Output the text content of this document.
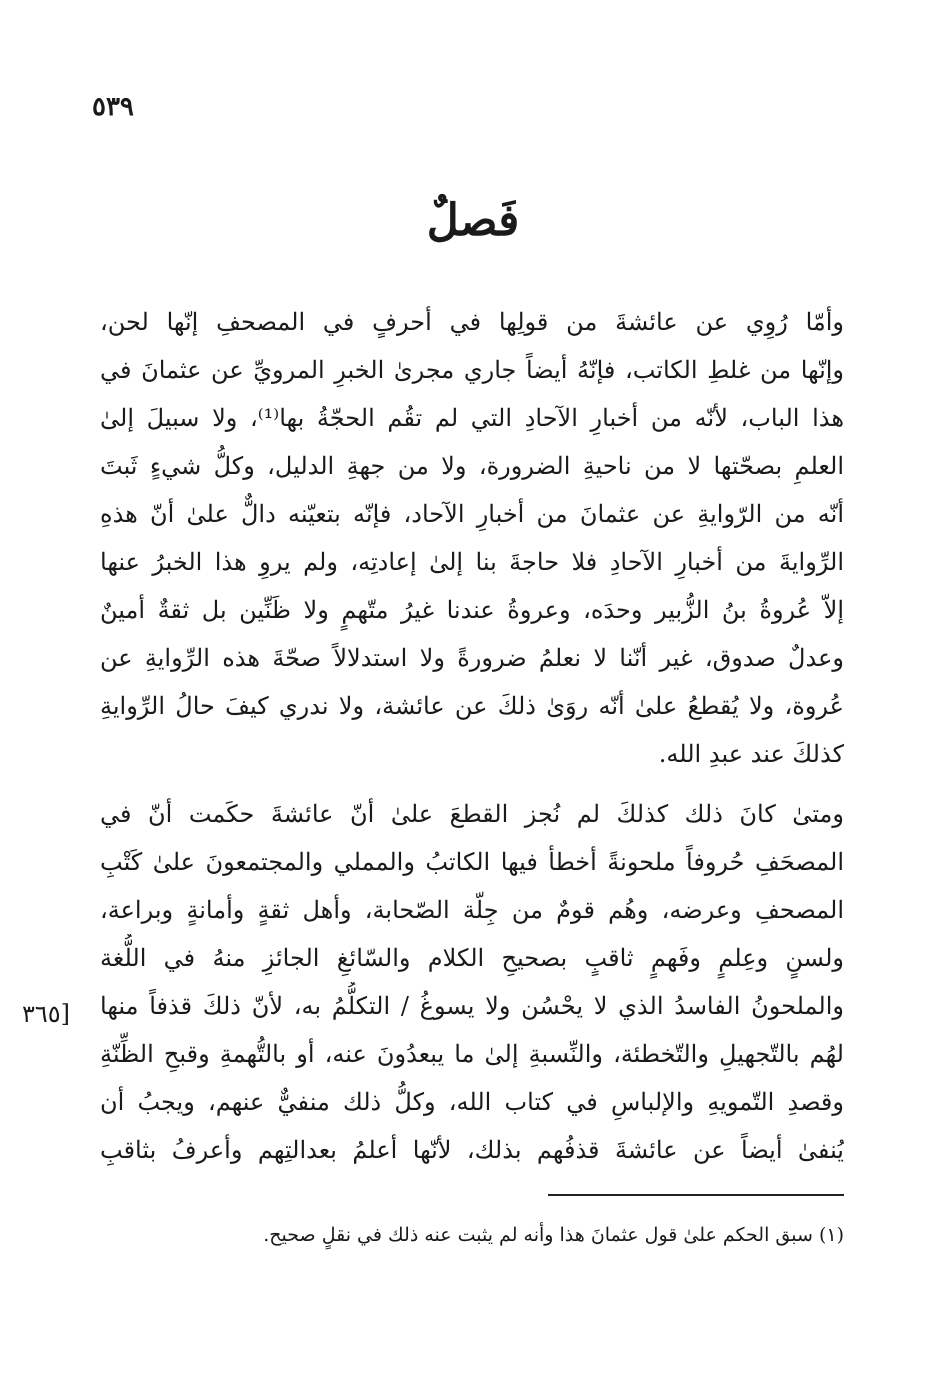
٥٣٩
فَصلٌ
وأمّا رُوِي عن عائشةَ من قولِها في أحرفٍ في المصحفِ إنّها لحن،
وإنّها من غلطِ الكاتب، فإنّهُ أيضاً جاري مجرىٰ الخبرِ المرويِّ عن عثمانَ في
هذا الباب، لأنّه من أخبارِ الآحادِ التي لم تقُم الحجّةُ بها⁽¹⁾، ولا سبيلَ إلىٰ
العلمِ بصحّتها لا من ناحيةِ الضرورة، ولا من جهةِ الدليل، وكلُّ شيءٍ ثَبتَ
أنّه من الرّوايةِ عن عثمانَ من أخبارِ الآحاد، فإنّه بتعيّنه دالٌّ علىٰ أنّ هذهِ
الرِّوايةَ من أخبارِ الآحادِ فلا حاجةَ بنا إلىٰ إعادتِه، ولم يروِ هذا الخبرُ عنها
إلاّ عُروةُ بنُ الزُّبير وحدَه، وعروةُ عندنا غيرُ متّهمٍ ولا ظَنِّين بل ثقةٌ أمينٌ
وعدلٌ صدوق، غير أنّنا لا نعلمُ ضرورةً ولا استدلالاً صحّةَ هذه الرِّوايةِ عن
عُروة، ولا يُقطعُ علىٰ أنّه روَىٰ ذلكَ عن عائشة، ولا ندري كيفَ حالُ الرِّوايةِ
كذلكَ عند عبدِ الله.
ومتىٰ كانَ ذلك كذلكَ لم نُجز القطعَ علىٰ أنّ عائشةَ حكَمت أنّ في
المصحَفِ حُروفاً ملحونةً أخطأ فيها الكاتبُ والمملي والمجتمعونَ علىٰ كَتْبِ
المصحفِ وعرضه، وهُم قومٌ من جِلّة الصّحابة، وأهل ثقةٍ وأمانةٍ وبراعة،
ولسنٍ وعِلمٍ وفَهمٍ ثاقبٍ بصحيحِ الكلام والسّائغِ الجائزِ منهُ في اللُّغة
والملحونُ الفاسدُ الذي لا يحْسُن ولا يسوغُ / التكلُّمُ به، لأنّ ذلكَ قذفاً منها
لهُم بالتّجهيلِ والتّخطئة، والنِّسبةِ إلىٰ ما يبعدُونَ عنه، أو بالتُّهمةِ وقبحِ الظِّنّةِ
وقصدِ التّمويهِ والإلباسِ في كتاب الله، وكلُّ ذلك منفيٌّ عنهم، ويجبُ أن
يُنفىٰ أيضاً عن عائشةَ قذفُهم بذلك، لأنّها أعلمُ بعدالتِهم وأعرفُ بثاقبِ
[٣٦٥
(١) سبق الحكم علىٰ قول عثمانَ هذا وأنه لم يثبت عنه ذلك في نقلٍ صحيح.
